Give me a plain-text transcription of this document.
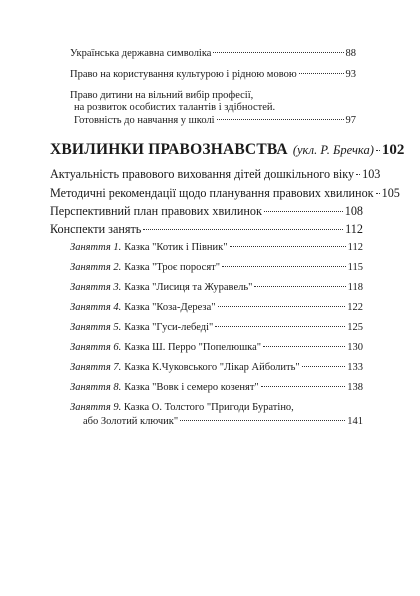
Українська державна символіка	88
Право на користування культурою і рідною мовою	93
Право дитини на вільний вибір професії,
на розвиток особистих талантів і здібностей.
Готовність до навчання у школі	97
ХВИЛИНКИ ПРАВОЗНАВСТВА (укл. Р. Бречка) 102
Актуальність правового виховання дітей дошкільного віку 103
Методичні рекомендації щодо планування правових хвилинок 105
Перспективний план правових хвилинок	108
Конспекти занять	112
Заняття 1. Казка "Котик і Півник"	112
Заняття 2. Казка "Троє поросят"	115
Заняття 3. Казка "Лисиця та Журавель"	118
Заняття 4. Казка "Коза-Дереза"	122
Заняття 5. Казка "Гуси-лебеді"	125
Заняття 6. Казка Ш. Перро "Попелюшка"	130
Заняття 7. Казка К.Чуковського "Лікар Айболить"	133
Заняття 8. Казка "Вовк і семеро козенят"	138
Заняття 9. Казка О. Толстого "Пригоди Буратіно,
або Золотий ключик"	141
